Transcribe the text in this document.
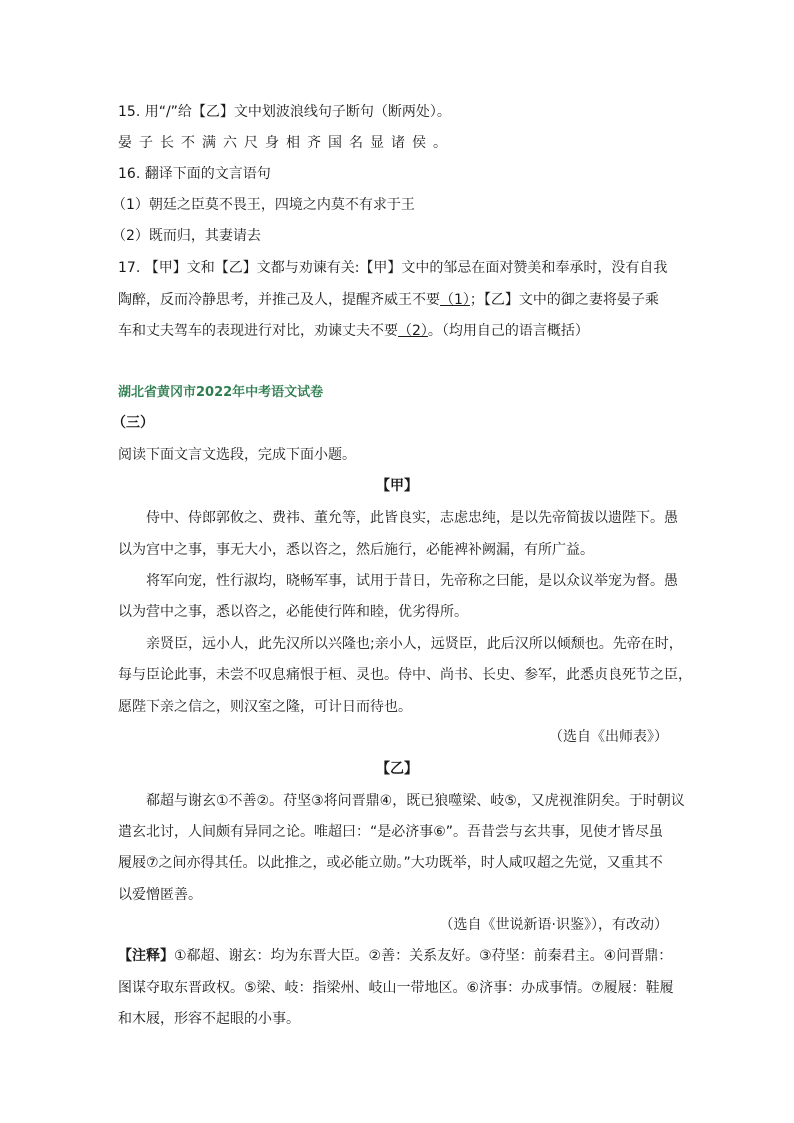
15. 用“/”给【乙】文中划波浪线句子断句（断两处）。
晏子长不满六尺身相齐国名显诸侯。
16. 翻译下面的文言语句
（1）朝廷之臣莫不畏王，四境之内莫不有求于王
（2）既而归，其妻请去
17. 【甲】文和【乙】文都与劝谏有关:【甲】文中的邹忌在面对赞美和奉承时，没有自我
陶醉，反而冷静思考，并推己及人，提醒齐威王不要（1）；【乙】文中的御之妻将晏子乘
车和丈夫驾车的表现进行对比，劝谏丈夫不要（2）。（均用自己的语言概括）
湖北省黄冈市2022年中考语文试卷
（三）
阅读下面文言文选段，完成下面小题。
【甲】
侍中、侍郎郭攸之、费祎、董允等，此皆良实，志虑忠纯，是以先帝简拔以遗陛下。愚
以为宫中之事，事无大小，悉以咨之，然后施行，必能裨补阙漏，有所广益。
将军向宠，性行淑均，晓畅军事，试用于昔日，先帝称之曰能，是以众议举宠为督。愚
以为营中之事，悉以咨之，必能使行阵和睦，优劣得所。
亲贤臣，远小人，此先汉所以兴隆也;亲小人，远贤臣，此后汉所以倾颓也。先帝在时，
每与臣论此事，未尝不叹息痛恨于桓、灵也。侍中、尚书、长史、参军，此悉贞良死节之臣，
愿陛下亲之信之，则汉室之隆，可计日而待也。
（选自《出师表》）
【乙】
郗超与谢玄①不善②。苻坚③将问晋鼎④，既已狼噬梁、岐⑤，又虎视淮阴矣。于时朝议
遣玄北讨，人间颇有异同之论。唯超曰：“是必济事⑥”。吾昔尝与玄共事，见使才皆尽虽
履屐⑦之间亦得其任。以此推之，或必能立勋。”大功既举，时人咸叹超之先觉，又重其不
以爱憎匿善。
（选自《世说新语·识鉴》），有改动）
【注释】①郗超、谢玄：均为东晋大臣。②善：关系友好。③苻坚：前秦君主。④问晋鼎：
图谋夺取东晋政权。⑤梁、岐：指梁州、岐山一带地区。⑥济事：办成事情。⑦履屐：鞋履
和木屐，形容不起眼的小事。
